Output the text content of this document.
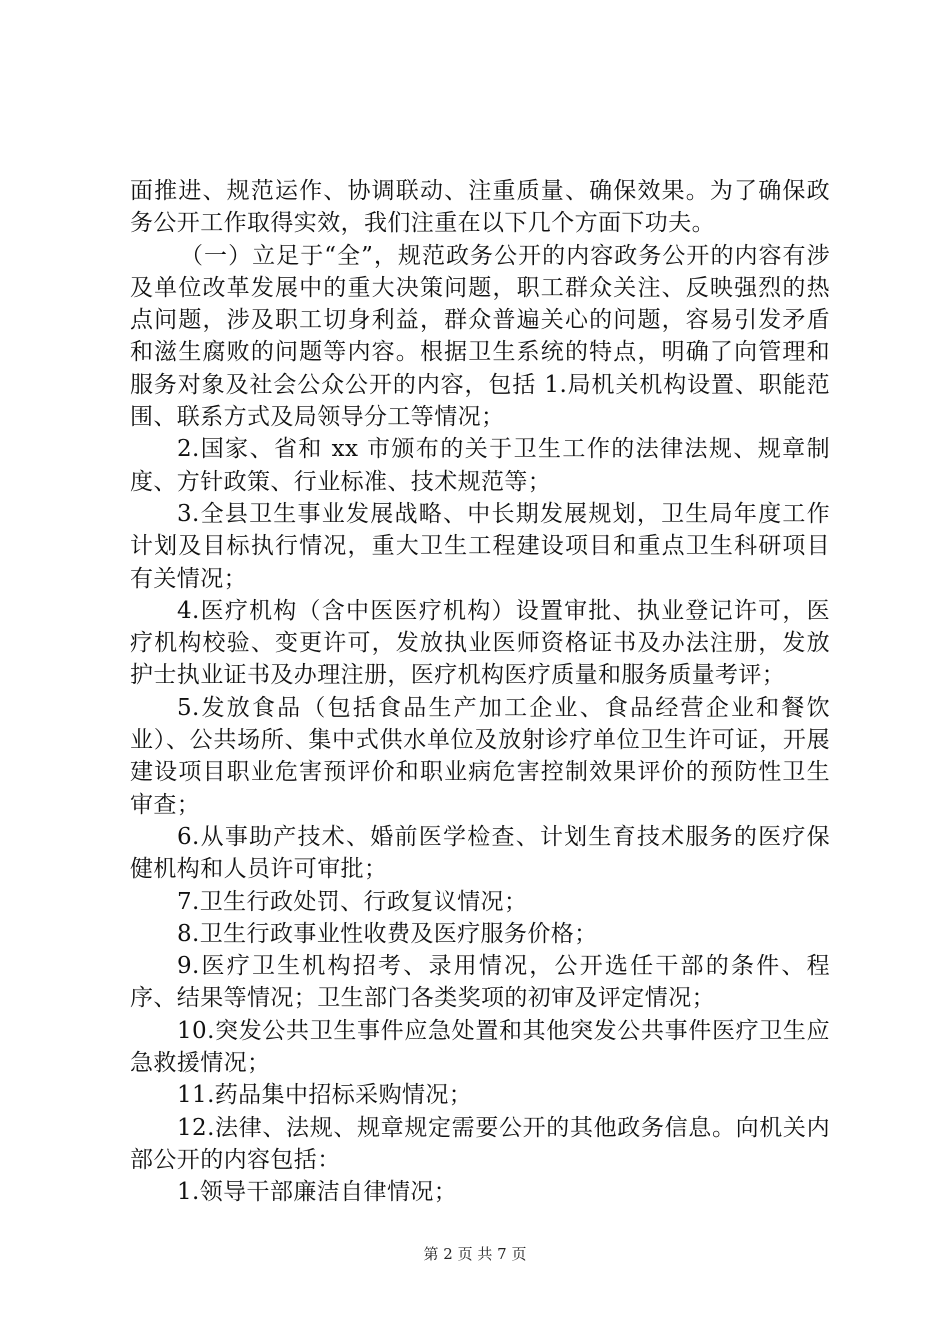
面推进、规范运作、协调联动、注重质量、确保效果。为了确保政务公开工作取得实效，我们注重在以下几个方面下功夫。

（一）立足于“全”，规范政务公开的内容政务公开的内容有涉及单位改革发展中的重大决策问题，职工群众关注、反映强烈的热点问题，涉及职工切身利益，群众普遍关心的问题，容易引发矛盾和滋生腐败的问题等内容。根据卫生系统的特点，明确了向管理和服务对象及社会公众公开的内容，包括 1.局机关机构设置、职能范围、联系方式及局领导分工等情况；

2.国家、省和 xx 市颁布的关于卫生工作的法律法规、规章制度、方针政策、行业标准、技术规范等；

3.全县卫生事业发展战略、中长期发展规划，卫生局年度工作计划及目标执行情况，重大卫生工程建设项目和重点卫生科研项目有关情况；

4.医疗机构（含中医医疗机构）设置审批、执业登记许可，医疗机构校验、变更许可，发放执业医师资格证书及办法注册，发放护士执业证书及办理注册，医疗机构医疗质量和服务质量考评；

5.发放食品（包括食品生产加工企业、食品经营企业和餐饮业）、公共场所、集中式供水单位及放射诊疗单位卫生许可证，开展建设项目职业危害预评价和职业病危害控制效果评价的预防性卫生审查；

6.从事助产技术、婚前医学检查、计划生育技术服务的医疗保健机构和人员许可审批；

7.卫生行政处罚、行政复议情况；

8.卫生行政事业性收费及医疗服务价格；

9.医疗卫生机构招考、录用情况，公开选任干部的条件、程序、结果等情况；卫生部门各类奖项的初审及评定情况；

10.突发公共卫生事件应急处置和其他突发公共事件医疗卫生应急救援情况；

11.药品集中招标采购情况；

12.法律、法规、规章规定需要公开的其他政务信息。向机关内部公开的内容包括：

1.领导干部廉洁自律情况；

第 2 页 共 7 页
